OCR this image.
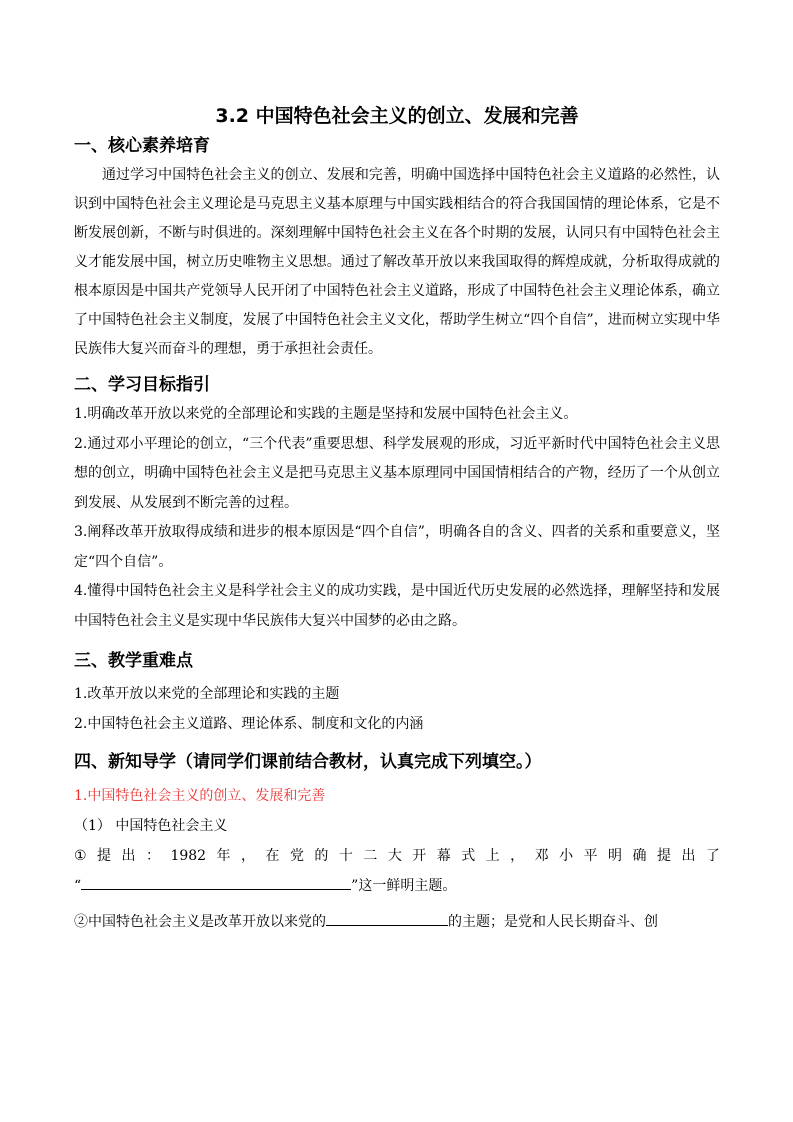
3.2 中国特色社会主义的创立、发展和完善
一、核心素养培育

通过学习中国特色社会主义的创立、发展和完善，明确中国选择中国特色社会主义道路的必然性，认识到中国特色社会主义理论是马克思主义基本原理与中国实践相结合的符合我国国情的理论体系，它是不断发展创新，不断与时俱进的。深刻理解中国特色社会主义在各个时期的发展，认同只有中国特色社会主义才能发展中国，树立历史唯物主义思想。通过了解改革开放以来我国取得的辉煌成就，分析取得成就的根本原因是中国共产党领导人民开闭了中国特色社会主义道路，形成了中国特色社会主义理论体系，确立了中国特色社会主义制度，发展了中国特色社会主义文化，帮助学生树立“四个自信”，进而树立实现中华民族伟大复兴而奋斗的理想，勇于承担社会责任。

二、学习目标指引

1.明确改革开放以来党的全部理论和实践的主题是坚持和发展中国特色社会主义。

2.通过邓小平理论的创立，“三个代表”重要思想、科学发展观的形成，习近平新时代中国特色社会主义思想的创立，明确中国特色社会主义是把马克思主义基本原理同中国国情相结合的产物，经历了一个从创立到发展、从发展到不断完善的过程。

3.阐释改革开放取得成绩和进步的根本原因是“四个自信”，明确各自的含义、四者的关系和重要意义，坚定“四个自信”。

4.懂得中国特色社会主义是科学社会主义的成功实践，是中国近代历史发展的必然选择，理解坚持和发展中国特色社会主义是实现中华民族伟大复兴中国梦的必由之路。

三、教学重难点

1.改革开放以来党的全部理论和实践的主题

2.中国特色社会主义道路、理论体系、制度和文化的内涵

四、新知导学（请同学们课前结合教材，认真完成下列填空。）

1.中国特色社会主义的创立、发展和完善

（1） 中国特色社会主义

① 提 出 ： 1982 年 ， 在 党 的 十 二 大 开 幕 式 上 ， 邓 小 平 明 确 提 出 了

“	”这一鲜明主题。

②中国特色社会主义是改革开放以来党的	的主题；是党和人民长期奋斗、创
